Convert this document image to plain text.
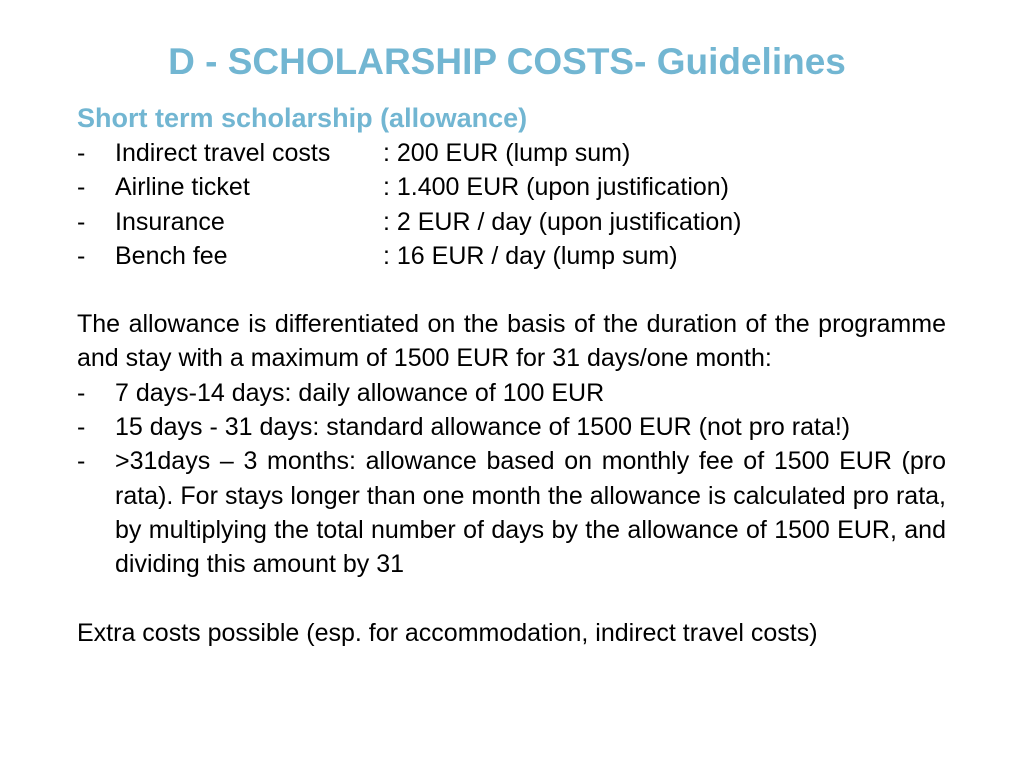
D - SCHOLARSHIP COSTS- Guidelines
Short term scholarship (allowance)
-	Indirect travel costs	: 200 EUR (lump sum)
-	Airline ticket	: 1.400 EUR (upon justification)
-	Insurance	: 2 EUR / day (upon justification)
-	Bench fee	: 16 EUR / day (lump sum)
The allowance is differentiated on the basis of the duration of the programme and stay with a maximum of 1500 EUR for 31 days/one month:
-	7 days-14 days: daily allowance of 100 EUR
-	15 days - 31 days: standard allowance of 1500 EUR (not pro rata!)
-	>31days – 3 months: allowance based on monthly fee of 1500 EUR (pro rata). For stays longer than one month the allowance is calculated pro rata, by multiplying the total number of days by the allowance of 1500 EUR, and dividing this amount by 31
Extra costs possible (esp. for accommodation, indirect travel costs)
